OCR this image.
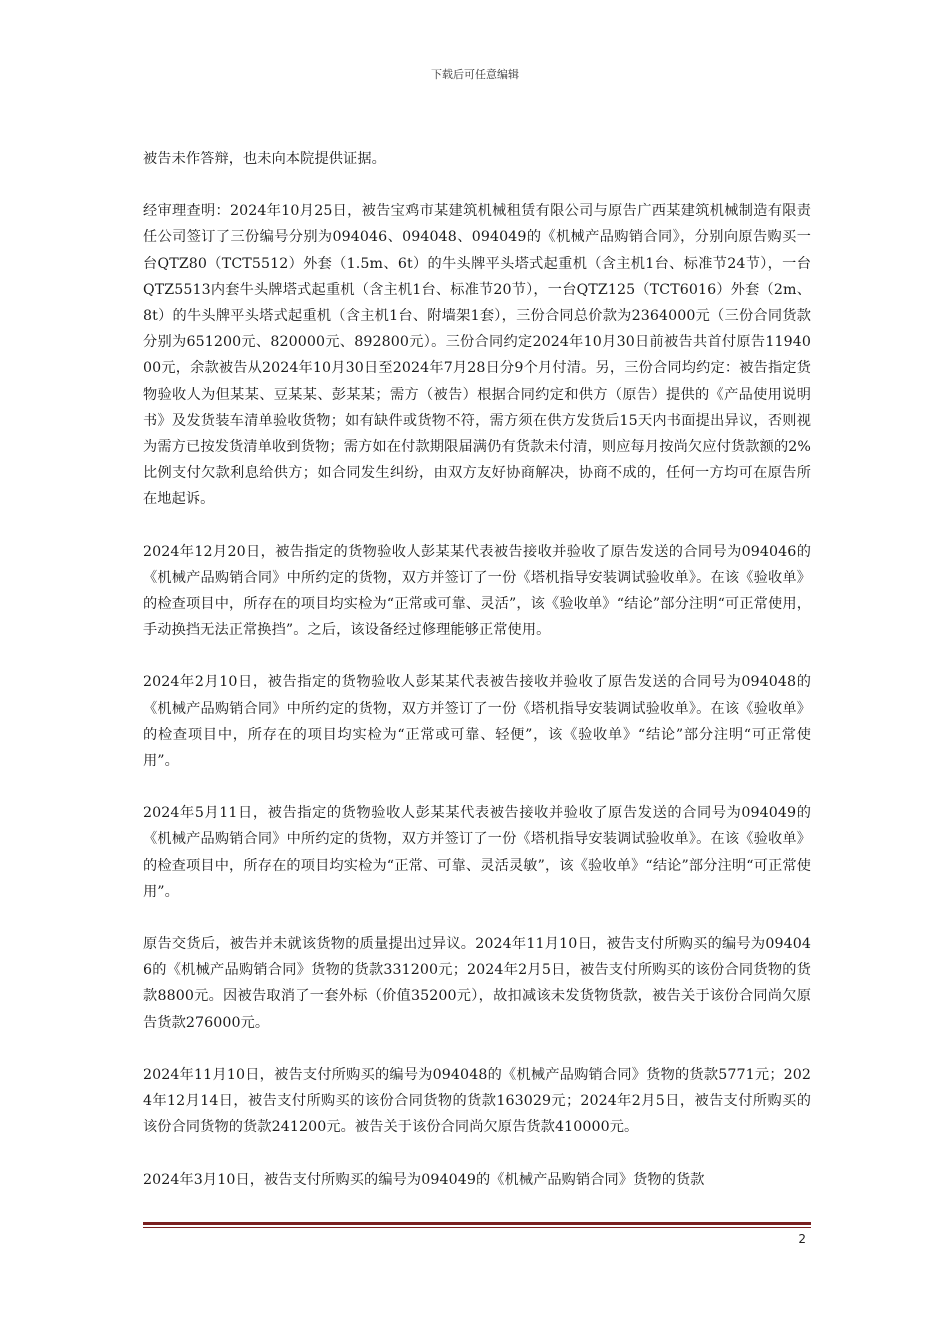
下载后可任意编辑

被告未作答辩，也未向本院提供证据。

经审理查明：2024年10月25日，被告宝鸡市某建筑机械租赁有限公司与原告广西某建筑机械制造有限责任公司签订了三份编号分别为094046、094048、094049的《机械产品购销合同》，分别向原告购买一台QTZ80（TCT5512）外套（1.5m、6t）的牛头牌平头塔式起重机（含主机1台、标准节24节），一台QTZ5513内套牛头牌塔式起重机（含主机1台、标准节20节），一台QTZ125（TCT6016）外套（2m、8t）的牛头牌平头塔式起重机（含主机1台、附墙架1套），三份合同总价款为2364000元（三份合同货款分别为651200元、820000元、892800元）。三份合同约定2024年10月30日前被告共首付原告1194000元，余款被告从2024年10月30日至2024年7月28日分9个月付清。另，三份合同均约定：被告指定货物验收人为但某某、豆某某、彭某某；需方（被告）根据合同约定和供方（原告）提供的《产品使用说明书》及发货装车清单验收货物；如有缺件或货物不符，需方须在供方发货后15天内书面提出异议，否则视为需方已按发货清单收到货物；需方如在付款期限届满仍有货款未付清，则应每月按尚欠应付货款额的2%比例支付欠款利息给供方；如合同发生纠纷，由双方友好协商解决，协商不成的，任何一方均可在原告所在地起诉。

2024年12月20日，被告指定的货物验收人彭某某代表被告接收并验收了原告发送的合同号为094046的《机械产品购销合同》中所约定的货物，双方并签订了一份《塔机指导安装调试验收单》。在该《验收单》的检查项目中，所存在的项目均实检为“正常或可靠、灵活”，该《验收单》“结论”部分注明“可正常使用，手动换挡无法正常换挡”。之后，该设备经过修理能够正常使用。

2024年2月10日，被告指定的货物验收人彭某某代表被告接收并验收了原告发送的合同号为094048的《机械产品购销合同》中所约定的货物，双方并签订了一份《塔机指导安装调试验收单》。在该《验收单》的检查项目中，所存在的项目均实检为“正常或可靠、轻便”，该《验收单》“结论”部分注明“可正常使用”。

2024年5月11日，被告指定的货物验收人彭某某代表被告接收并验收了原告发送的合同号为094049的《机械产品购销合同》中所约定的货物，双方并签订了一份《塔机指导安装调试验收单》。在该《验收单》的检查项目中，所存在的项目均实检为“正常、可靠、灵活灵敏”，该《验收单》“结论”部分注明“可正常使用”。

原告交货后，被告并未就该货物的质量提出过异议。2024年11月10日，被告支付所购买的编号为094046的《机械产品购销合同》货物的货款331200元；2024年2月5日，被告支付所购买的该份合同货物的货款8800元。因被告取消了一套外标（价值35200元），故扣减该未发货物货款，被告关于该份合同尚欠原告货款276000元。

2024年11月10日，被告支付所购买的编号为094048的《机械产品购销合同》货物的货款5771元；2024年12月14日，被告支付所购买的该份合同货物的货款163029元；2024年2月5日，被告支付所购买的该份合同货物的货款241200元。被告关于该份合同尚欠原告货款410000元。

2024年3月10日，被告支付所购买的编号为094049的《机械产品购销合同》货物的货款

2
